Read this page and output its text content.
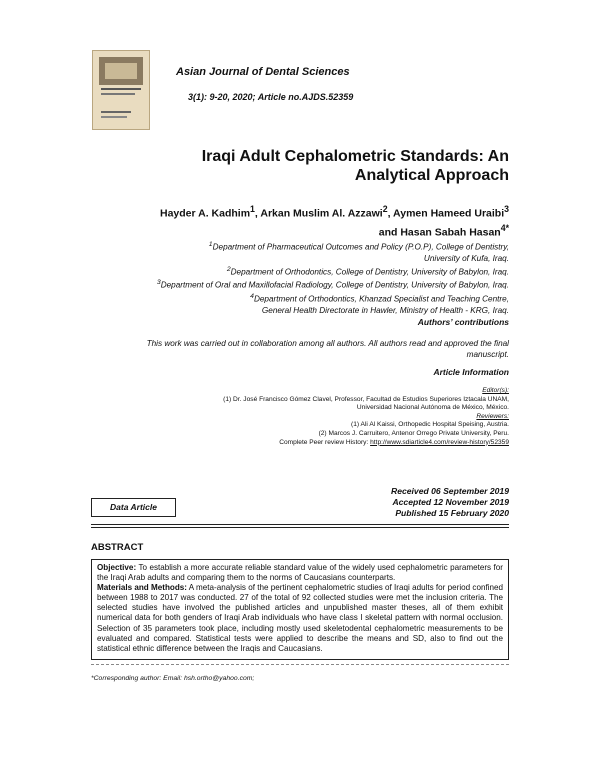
Asian Journal of Dental Sciences
3(1): 9-20, 2020; Article no.AJDS.52359
Iraqi Adult Cephalometric Standards: An
Analytical Approach
Hayder A. Kadhim$^1$, Arkan Muslim Al. Azzawi$^2$, Aymen Hameed Uraibi$^3$
and Hasan Sabah Hasan$^{4*}$

$^1$Department of Pharmaceutical Outcomes and Policy (P.O.P), College of Dentistry,

University of Kufa, Iraq.

$^2$Department of Orthodontics, College of Dentistry, University of Babylon, Iraq.

$^3$Department of Oral and Maxillofacial Radiology, College of Dentistry, University of Babylon, Iraq.

$^4$Department of Orthodontics, Khanzad Specialist and Teaching Centre,

General Health Directorate in Hawler, Ministry of Health - KRG, Iraq.

Authors’ contributions
This work was carried out in collaboration among all authors. All authors read and approved the final
manuscript.
Article Information

Editor(s):

(1) Dr. José Francisco Gómez Clavel, Professor, Facultad de Estudios Superiores Iztacala UNAM,

Universidad Nacional Autónoma de México, México.

Reviewers:

(1) Ali Al Kaissi, Orthopedic Hospital Speising, Austria.

(2) Marcos J. Carruitero, Antenor Orrego Private University, Peru.

Complete Peer review History: http://www.sdiarticle4.com/review-history/52359

Received 06 September 2019

Accepted 12 November 2019

Published 15 February 2020

Data Article
ABSTRACT

Objective: To establish a more accurate reliable standard value of the widely used cephalometric parameters for the Iraqi Arab adults and comparing them to the norms of Caucasians counterparts.

Materials and Methods: A meta-analysis of the pertinent cephalometric studies of Iraqi adults for period confined between 1988 to 2017 was conducted. 27 of the total of 92 collected studies were met the inclusion criteria. The selected studies have involved the published articles and unpublished master theses, all of them exhibit numerical data for both genders of Iraqi Arab individuals who have class I skeletal pattern with normal occlusion. Selection of 35 parameters took place, including mostly used skeletodental cephalometric measurements to be evaluated and compared. Statistical tests were applied to describe the means and SD, also to find out the statistical ethnic difference between the Iraqis and Caucasians.

*Corresponding author: Email: hsh.ortho@yahoo.com;
